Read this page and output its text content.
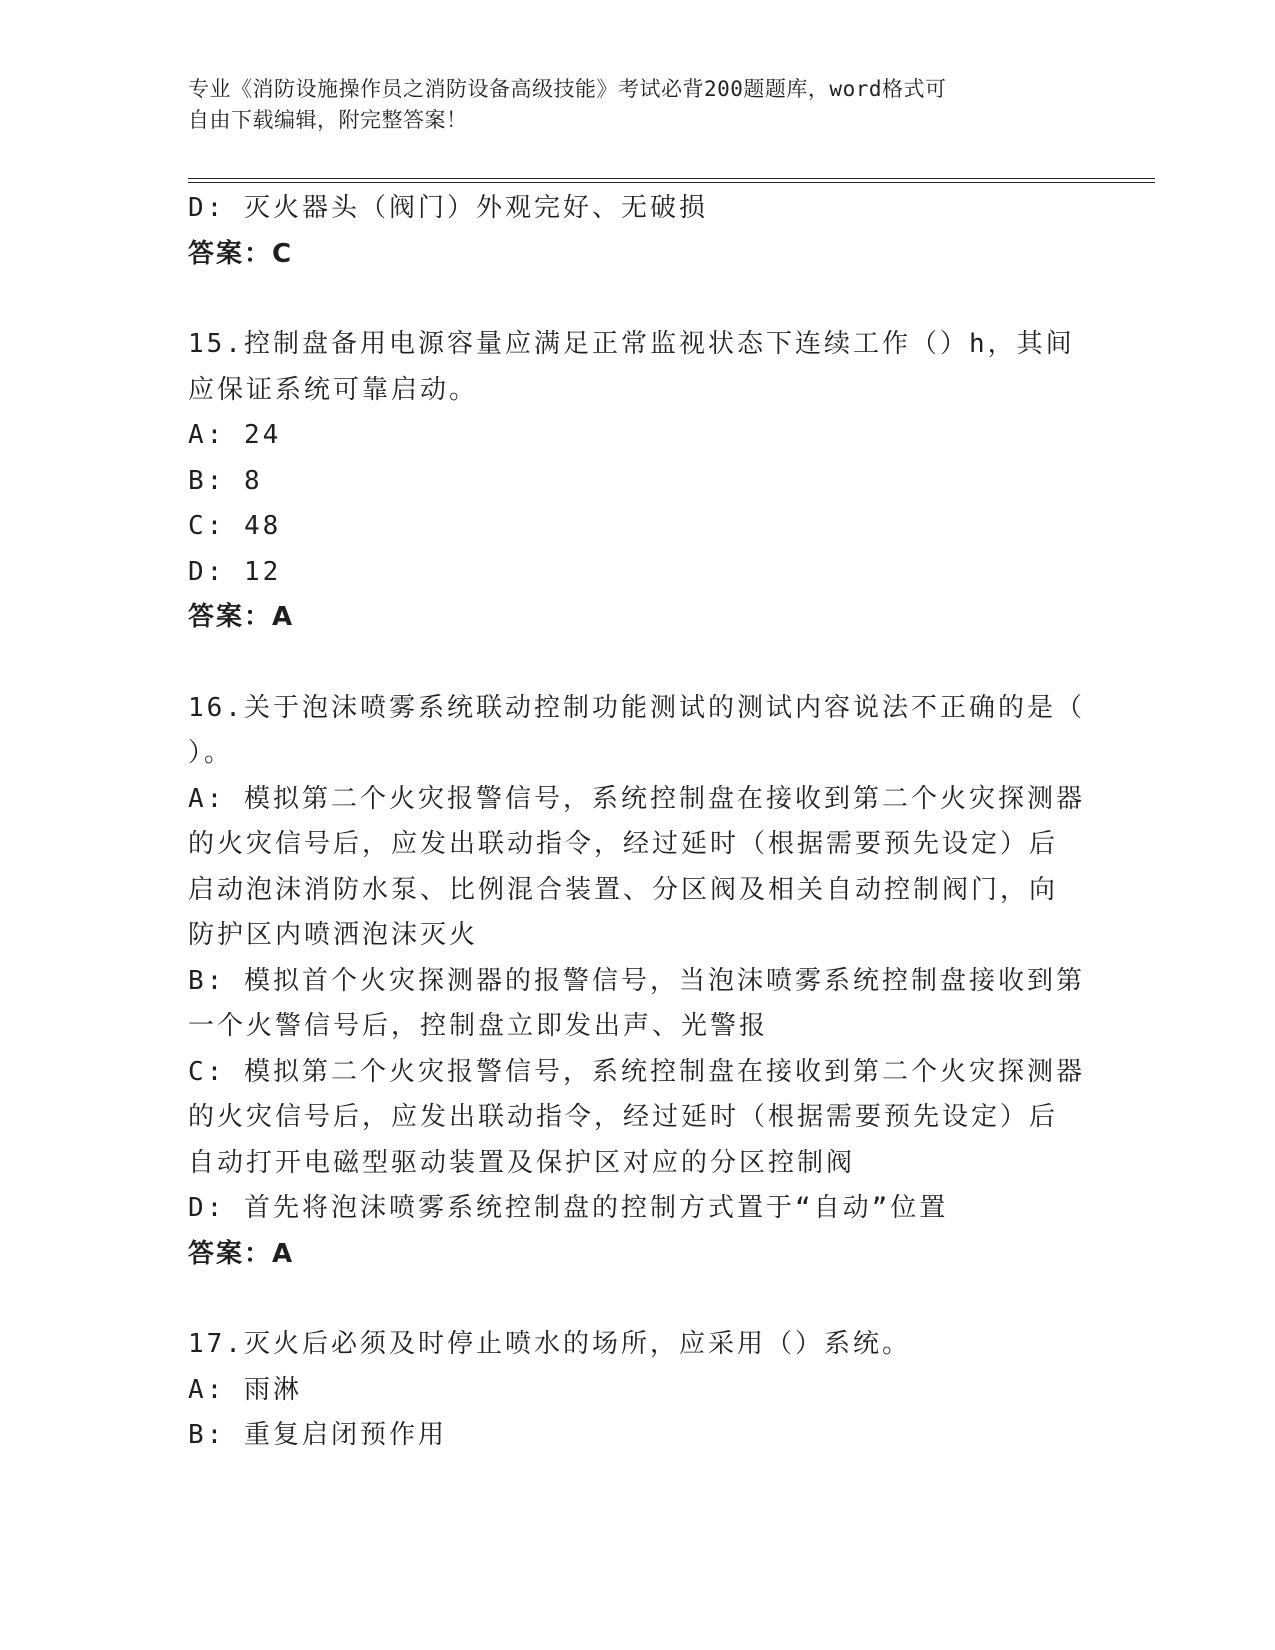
专业《消防设施操作员之消防设备高级技能》考试必背200题题库，word格式可
自由下载编辑，附完整答案！
D: 灭火器头（阀门）外观完好、无破损
答案：C
15.控制盘备用电源容量应满足正常监视状态下连续工作（）h，其间
应保证系统可靠启动。
A: 24
B: 8
C: 48
D: 12
答案：A
16.关于泡沫喷雾系统联动控制功能测试的测试内容说法不正确的是（
）。
A: 模拟第二个火灾报警信号，系统控制盘在接收到第二个火灾探测器
的火灾信号后，应发出联动指令，经过延时（根据需要预先设定）后
启动泡沫消防水泵、比例混合装置、分区阀及相关自动控制阀门，向
防护区内喷洒泡沫灭火
B: 模拟首个火灾探测器的报警信号，当泡沫喷雾系统控制盘接收到第
一个火警信号后，控制盘立即发出声、光警报
C: 模拟第二个火灾报警信号，系统控制盘在接收到第二个火灾探测器
的火灾信号后，应发出联动指令，经过延时（根据需要预先设定）后
自动打开电磁型驱动装置及保护区对应的分区控制阀
D: 首先将泡沫喷雾系统控制盘的控制方式置于“自动”位置
答案：A
17.灭火后必须及时停止喷水的场所，应采用（）系统。
A: 雨淋
B: 重复启闭预作用
